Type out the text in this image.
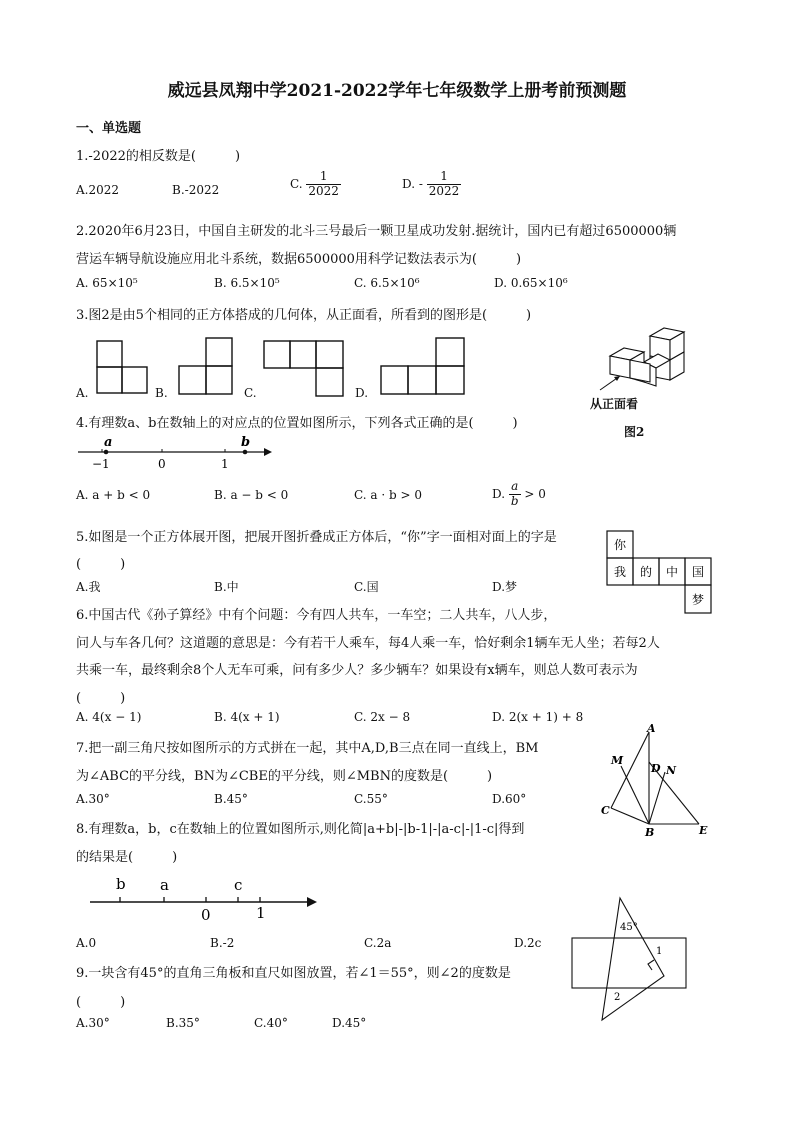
威远县凤翔中学2021-2022学年七年级数学上册考前预测题
一、单选题
1.-2022的相反数是(　　　)
A.2022	B.-2022	C. $\frac{1}{2022}$	D. - $\frac{1}{2022}$
2.2020年6月23日，中国自主研发的北斗三号最后一颗卫星成功发射.据统计，国内已有超过6500000辆
营运车辆导航设施应用北斗系统，数据6500000用科学记数法表示为(　　　)
A. 65×10⁵	B. 6.5×10⁵	C. 6.5×10⁶	D. 0.65×10⁶
3.图2是由5个相同的正方体搭成的几何体，从正面看，所看到的图形是(　　　)
A.	B.	C.	D.
从正面看
图2
4.有理数a、b在数轴上的对应点的位置如图所示，下列各式正确的是(　　　)
a	b
−1	0	1
A. a + b < 0	B. a − b < 0	C. a · b > 0	D. $\frac{a}{b} > 0$
5.如图是一个正方体展开图，把展开图折叠成正方体后，“你”字一面相对面上的字是
(　　　)
A.我	B.中	C.国	D.梦
你
我 的 中 国
梦
6.中国古代《孙子算经》中有个问题：今有四人共车，一车空；二人共车，八人步，
问人与车各几何？这道题的意思是：今有若干人乘车，每4人乘一车，恰好剩余1辆车无人坐；若每2人
共乘一车，最终剩余8个人无车可乘，问有多少人？多少辆车？如果设有x辆车，则总人数可表示为
(　　　)
A. 4(x − 1)	B. 4(x + 1)	C. 2x − 8	D. 2(x + 1) + 8
7.把一副三角尺按如图所示的方式拼在一起，其中A,D,B三点在同一直线上，BM
为∠ABC的平分线，BN为∠CBE的平分线，则∠MBN的度数是(　　　)
A.30°	B.45°	C.55°	D.60°
A
M
D N
C
B	E
8.有理数a，b，c在数轴上的位置如图所示,则化简|a+b|-|b-1|-|a-c|-|1-c|得到
的结果是(　　　)
b a	c
0	1
A.0	B.-2	C.2a	D.2c
9.一块含有45°的直角三角板和直尺如图放置，若∠1＝55°，则∠2的度数是
(　　　)
A.30°	B.35°	C.40°	D.45°
45°
1
2
